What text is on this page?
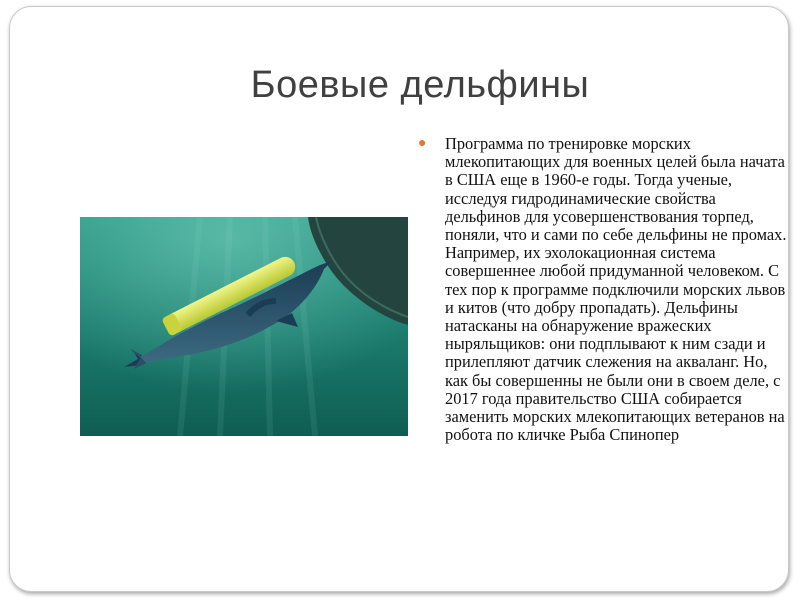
Боевые дельфины
● Программа по тренировке морских млекопитающих для военных целей была начата в США еще в 1960-е годы. Тогда ученые, исследуя гидродинамические свойства дельфинов для усовершенствования торпед, поняли, что и сами по себе дельфины не промах. Например, их эхолокационная система совершеннее любой придуманной человеком. С тех пор к программе подключили морских львов и китов (что добру пропадать). Дельфины натасканы на обнаружение вражеских ныряльщиков: они подплывают к ним сзади и прилепляют датчик слежения на акваланг. Но, как бы совершенны не были они в своем деле, с 2017 года правительство США собирается заменить морских млекопитающих ветеранов на робота по кличке Рыба Спинопер
